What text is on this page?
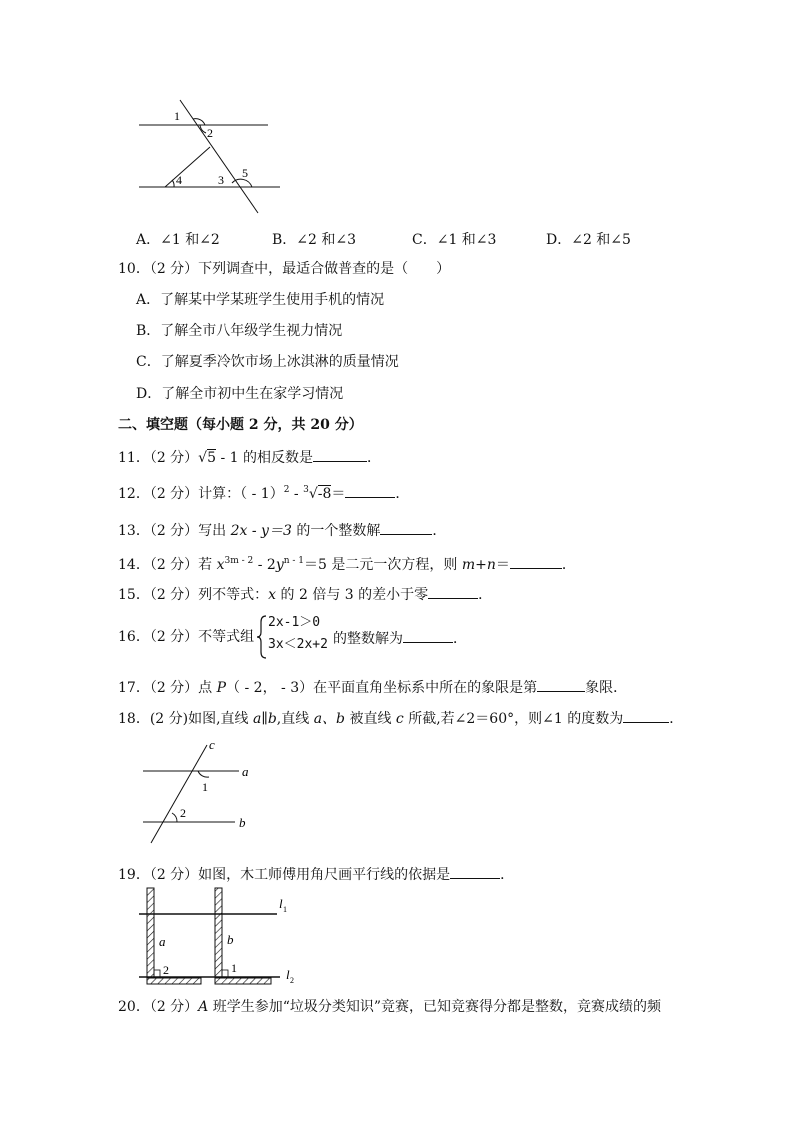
1
2
3
4	5
A．∠1 和∠2	B．∠2 和∠3	C．∠1 和∠3	D．∠2 和∠5
10．（2 分）下列调查中，最适合做普查的是（　　）
A．了解某中学某班学生使用手机的情况
B．了解全市八年级学生视力情况
C．了解夏季冷饮市场上冰淇淋的质量情况
D．了解全市初中生在家学习情况
二、填空题（每小题 2 分，共 20 分）
11．（2 分）√5 - 1 的相反数是	．
12．（2 分）计算：（ - 1）$^2$ - $^3$√-8＝	．
13．（2 分）写出 2x - y＝3 的一个整数解	．
14．（2 分）若 $x^{3m - 2} - 2y^{n - 1}=5$ 是二元一次方程，则 m+n＝	．
15．（2 分）列不等式：x 的 2 倍与 3 的差小于零	．
16．（2 分）不等式组
2x-1＞0
3x＜2x+2 的整数解为	．
17．（2 分）点 P（ - 2， - 3）在平面直角坐标系中所在的象限是第	象限．
18．(2 分)如图,直线 a∥b,直线 a、b 被直线 c 所截,若∠2＝60°，则∠1 的度数为	．
c
a
1
2
b
19．（2 分）如图，木工师傅用角尺画平行线的依据是	．
a	b
2	1
l 1
l 2
20．（2 分）A 班学生参加“垃圾分类知识”竞赛，已知竞赛得分都是整数，竞赛成绩的频
